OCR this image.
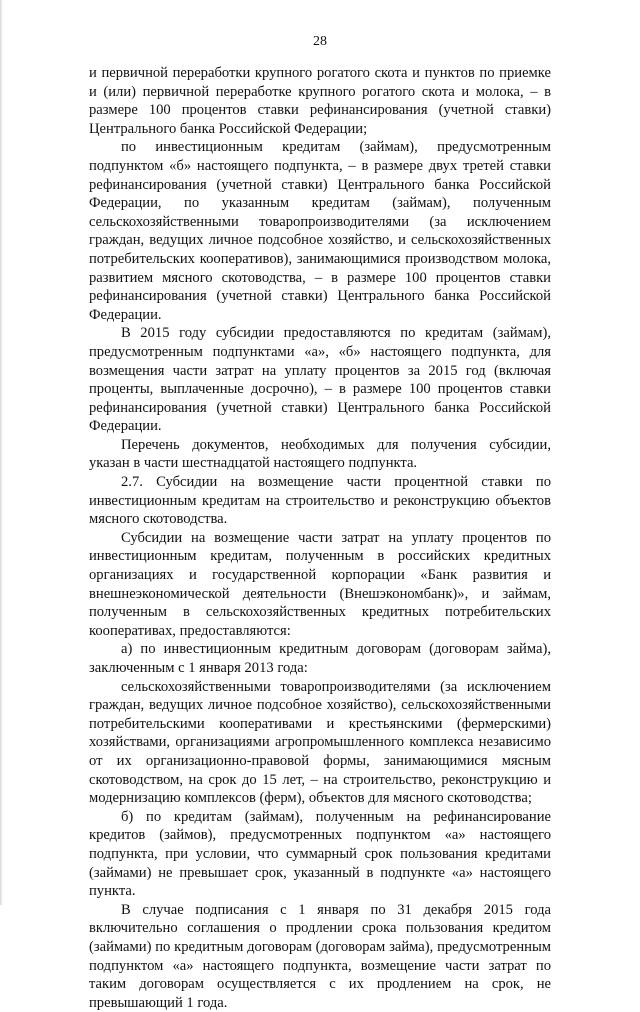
28

и первичной переработки крупного рогатого скота и пунктов по приемке и (или) первичной переработке крупного рогатого скота и молока, – в размере 100 процентов ставки рефинансирования (учетной ставки) Центрального банка Российской Федерации;

по инвестиционным кредитам (займам), предусмотренным подпунктом «б» настоящего подпункта, – в размере двух третей ставки рефинансирования (учетной ставки) Центрального банка Российской Федерации, по указанным кредитам (займам), полученным сельскохозяйственными товаропроизводителями (за исключением граждан, ведущих личное подсобное хозяйство, и сельскохозяйственных потребительских кооперативов), занимающимися производством молока, развитием мясного скотоводства, – в размере 100 процентов ставки рефинансирования (учетной ставки) Центрального банка Российской Федерации.

В 2015 году субсидии предоставляются по кредитам (займам), предусмотренным подпунктами «а», «б» настоящего подпункта, для возмещения части затрат на уплату процентов за 2015 год (включая проценты, выплаченные досрочно), – в размере 100 процентов ставки рефинансирования (учетной ставки) Центрального банка Российской Федерации.

Перечень документов, необходимых для получения субсидии, указан в части шестнадцатой настоящего подпункта.

2.7. Субсидии на возмещение части процентной ставки по инвестиционным кредитам на строительство и реконструкцию объектов мясного скотоводства.

Субсидии на возмещение части затрат на уплату процентов по инвестиционным кредитам, полученным в российских кредитных организациях и государственной корпорации «Банк развития и внешнеэкономической деятельности (Внешэкономбанк)», и займам, полученным в сельскохозяйственных кредитных потребительских кооперативах, предоставляются:

а) по инвестиционным кредитным договорам (договорам займа), заключенным с 1 января 2013 года:

сельскохозяйственными товаропроизводителями (за исключением граждан, ведущих личное подсобное хозяйство), сельскохозяйственными потребительскими кооперативами и крестьянскими (фермерскими) хозяйствами, организациями агропромышленного комплекса независимо от их организационно-правовой формы, занимающимися мясным скотоводством, на срок до 15 лет, – на строительство, реконструкцию и модернизацию комплексов (ферм), объектов для мясного скотоводства;

б) по кредитам (займам), полученным на рефинансирование кредитов (займов), предусмотренных подпунктом «а» настоящего подпункта, при условии, что суммарный срок пользования кредитами (займами) не превышает срок, указанный в подпункте «а» настоящего пункта.

В случае подписания с 1 января по 31 декабря 2015 года включительно соглашения о продлении срока пользования кредитом (займами) по кредитным договорам (договорам займа), предусмотренным подпунктом «а» настоящего подпункта, возмещение части затрат по таким договорам осуществляется с их продлением на срок, не превышающий 1 года.
